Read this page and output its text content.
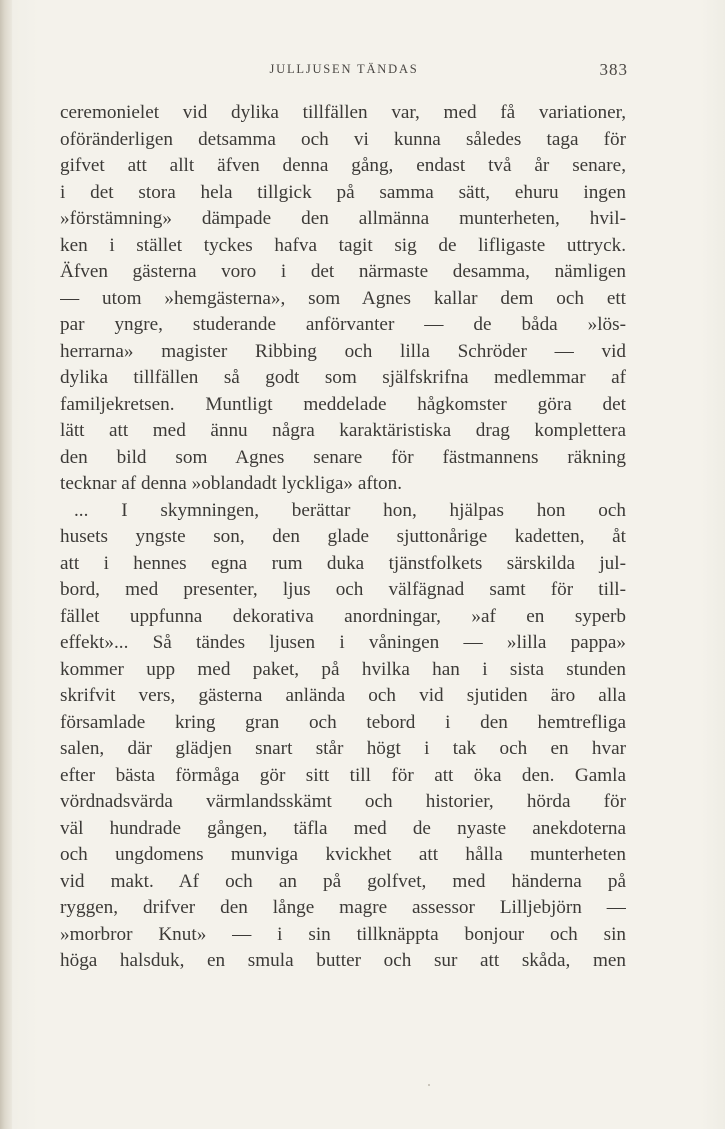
JULLJUSEN TÄNDAS	383
ceremonielet vid dylika tillfällen var, med få variationer,
oföränderligen detsamma och vi kunna således taga för
gifvet att allt äfven denna gång, endast två år senare,
i det stora hela tillgick på samma sätt, ehuru ingen
»förstämning» dämpade den allmänna munterheten, hvil-
ken i stället tyckes hafva tagit sig de lifligaste uttryck.
Äfven gästerna voro i det närmaste desamma, nämligen
— utom »hemgästerna», som Agnes kallar dem och ett
par yngre, studerande anförvanter — de båda »lös-
herrarna» magister Ribbing och lilla Schröder — vid
dylika tillfällen så godt som själfskrifna medlemmar af
familjekretsen. Muntligt meddelade hågkomster göra det
lätt att med ännu några karaktäristiska drag komplettera
den bild som Agnes senare för fästmannens räkning
tecknar af denna »oblandadt lyckliga» afton.
... I skymningen, berättar hon, hjälpas hon och
husets yngste son, den glade sjuttonårige kadetten, åt
att i hennes egna rum duka tjänstfolkets särskilda jul-
bord, med presenter, ljus och välfägnad samt för till-
fället uppfunna dekorativa anordningar, »af en syperb
effekt»... Så tändes ljusen i våningen — »lilla pappa»
kommer upp med paket, på hvilka han i sista stunden
skrifvit vers, gästerna anlända och vid sjutiden äro alla
församlade kring gran och tebord i den hemtrefliga
salen, där glädjen snart står högt i tak och en hvar
efter bästa förmåga gör sitt till för att öka den. Gamla
vördnadsvärda värmlandsskämt och historier, hörda för
väl hundrade gången, täfla med de nyaste anekdoterna
och ungdomens munviga kvickhet att hålla munterheten
vid makt. Af och an på golfvet, med händerna på
ryggen, drifver den långe magre assessor Lilljebjörn —
»morbror Knut» — i sin tillknäppta bonjour och sin
höga halsduk, en smula butter och sur att skåda, men
